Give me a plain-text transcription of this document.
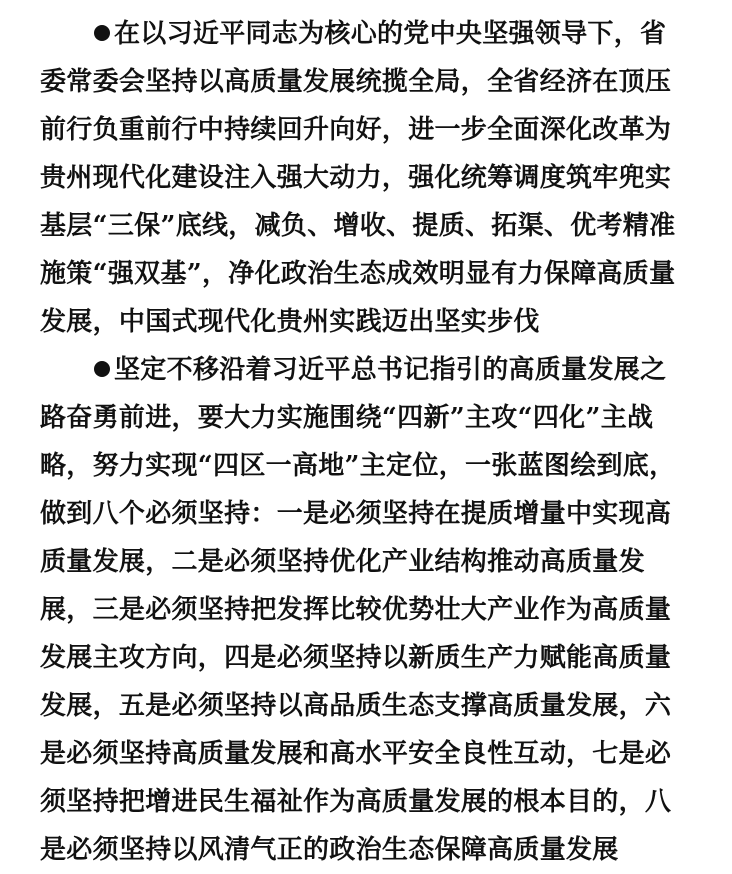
在以习近平同志为核心的党中央坚强领导下，省
委常委会坚持以高质量发展统揽全局，全省经济在顶压
前行负重前行中持续回升向好，进一步全面深化改革为
贵州现代化建设注入强大动力，强化统筹调度筑牢兜实
基层“三保”底线，减负、增收、提质、拓渠、优考精准
施策“强双基”，净化政治生态成效明显有力保障高质量
发展，中国式现代化贵州实践迈出坚实步伐
坚定不移沿着习近平总书记指引的高质量发展之
路奋勇前进，要大力实施围绕“四新”主攻“四化”主战
略，努力实现“四区一高地”主定位，一张蓝图绘到底，
做到八个必须坚持：一是必须坚持在提质增量中实现高
质量发展，二是必须坚持优化产业结构推动高质量发
展，三是必须坚持把发挥比较优势壮大产业作为高质量
发展主攻方向，四是必须坚持以新质生产力赋能高质量
发展，五是必须坚持以高品质生态支撑高质量发展，六
是必须坚持高质量发展和高水平安全良性互动，七是必
须坚持把增进民生福祉作为高质量发展的根本目的，八
是必须坚持以风清气正的政治生态保障高质量发展
